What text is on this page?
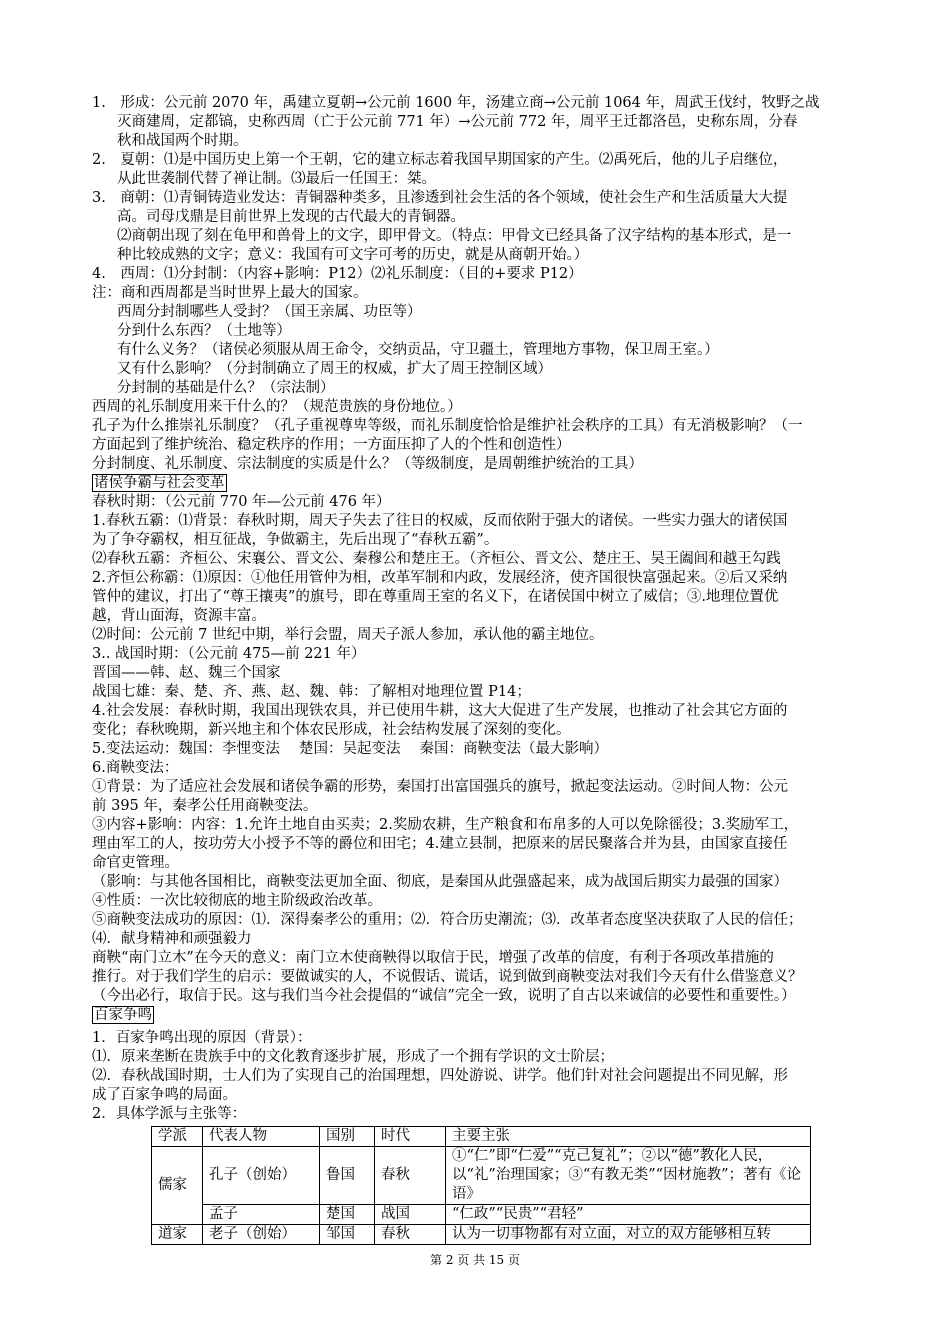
1.　形成：公元前 2070 年，禹建立夏朝→公元前 1600 年，汤建立商→公元前 1064 年，周武王伐纣，牧野之战
灭商建周，定都镐，史称西周（亡于公元前 771 年）→公元前 772 年，周平王迁都洛邑，史称东周，分春
秋和战国两个时期。
2.　夏朝：⑴是中国历史上第一个王朝，它的建立标志着我国早期国家的产生。⑵禹死后，他的儿子启继位，
从此世袭制代替了禅让制。⑶最后一任国王：桀。
3.　商朝：⑴青铜铸造业发达：青铜器种类多，且渗透到社会生活的各个领域，使社会生产和生活质量大大提
高。司母戊鼎是目前世界上发现的古代最大的青铜器。
⑵商朝出现了刻在龟甲和兽骨上的文字，即甲骨文。（特点：甲骨文已经具备了汉字结构的基本形式，是一
种比较成熟的文字；意义：我国有可文字可考的历史，就是从商朝开始。）
4.　西周：⑴分封制：（内容+影响：P12）⑵礼乐制度：（目的+要求 P12）
注：商和西周都是当时世界上最大的国家。
西周分封制哪些人受封？（国王亲属、功臣等）
分到什么东西？（土地等）
有什么义务？（诸侯必须服从周王命令，交纳贡品，守卫疆土，管理地方事物，保卫周王室。）
又有什么影响？（分封制确立了周王的权威，扩大了周王控制区域）
分封制的基础是什么？（宗法制）
西周的礼乐制度用来干什么的？（规范贵族的身份地位。）
孔子为什么推崇礼乐制度？（孔子重视尊卑等级，而礼乐制度恰恰是维护社会秩序的工具）有无消极影响？（一
方面起到了维护统治、稳定秩序的作用；一方面压抑了人的个性和创造性）
分封制度、礼乐制度、宗法制度的实质是什么？（等级制度，是周朝维护统治的工具）
诸侯争霸与社会变革
春秋时期：（公元前 770 年—公元前 476 年）
1.春秋五霸：⑴背景：春秋时期，周天子失去了往日的权威，反而依附于强大的诸侯。一些实力强大的诸侯国
为了争夺霸权，相互征战，争做霸主，先后出现了“春秋五霸”。
⑵春秋五霸：齐桓公、宋襄公、晋文公、秦穆公和楚庄王。（齐桓公、晋文公、楚庄王、吴王阖闾和越王勾践
2.齐恒公称霸：⑴原因：①他任用管仲为相，改革军制和内政，发展经济，使齐国很快富强起来。②后又采纳
管仲的建议，打出了“尊王攘夷”的旗号，即在尊重周王室的名义下，在诸侯国中树立了威信；③.地理位置优
越，背山面海，资源丰富。
⑵时间：公元前 7 世纪中期，举行会盟，周天子派人参加，承认他的霸主地位。
3.. 战国时期：（公元前 475—前 221 年）
晋国——韩、赵、魏三个国家
战国七雄：秦、楚、齐、燕、赵、魏、韩：了解相对地理位置 P14；
4.社会发展：春秋时期，我国出现铁农具，并已使用牛耕，这大大促进了生产发展，也推动了社会其它方面的
变化；春秋晚期，新兴地主和个体农民形成，社会结构发展了深刻的变化。
5.变法运动：魏国：李悝变法　 楚国：吴起变法　 秦国：商鞅变法（最大影响）
6.商鞅变法：
①背景：为了适应社会发展和诸侯争霸的形势，秦国打出富国强兵的旗号，掀起变法运动。②时间人物：公元
前 395 年，秦孝公任用商鞅变法。
③内容+影响：内容：1.允许土地自由买卖；2.奖励农耕，生产粮食和布帛多的人可以免除徭役；3.奖励军工，
理由军工的人，按功劳大小授予不等的爵位和田宅；4.建立县制，把原来的居民聚落合并为县，由国家直接任
命官吏管理。
（影响：与其他各国相比，商鞅变法更加全面、彻底，是秦国从此强盛起来，成为战国后期实力最强的国家）
④性质：一次比较彻底的地主阶级政治改革。
⑤商鞅变法成功的原因：⑴．深得秦孝公的重用；⑵．符合历史潮流；⑶．改革者态度坚决获取了人民的信任；
⑷．献身精神和顽强毅力
商鞅“南门立木”在今天的意义：南门立木使商鞅得以取信于民，增强了改革的信度，有利于各项改革措施的
推行。对于我们学生的启示：要做诚实的人，不说假话、谎话，说到做到商鞅变法对我们今天有什么借鉴意义？
（今出必行，取信于民。这与我们当今社会提倡的“诚信”完全一致，说明了自古以来诚信的必要性和重要性。）
百家争鸣
1．百家争鸣出现的原因（背景）：
⑴．原来垄断在贵族手中的文化教育逐步扩展，形成了一个拥有学识的文士阶层；
⑵．春秋战国时期，士人们为了实现自己的治国理想，四处游说、讲学。他们针对社会问题提出不同见解，形
成了百家争鸣的局面。
2．具体学派与主张等：
学派	代表人物	国别	时代	主要主张
儒家	孔子（创始）	鲁国	春秋	①“仁”即“仁爱”“克己复礼”；②以“德”教化人民，以“礼”治理国家；③“有教无类”“因材施教”；著有《论语》
	孟子	楚国	战国	“仁政”“民贵”“君轻”
道家	老子（创始）	邹国	春秋	认为一切事物都有对立面，对立的双方能够相互转
第 2 页 共 15 页
